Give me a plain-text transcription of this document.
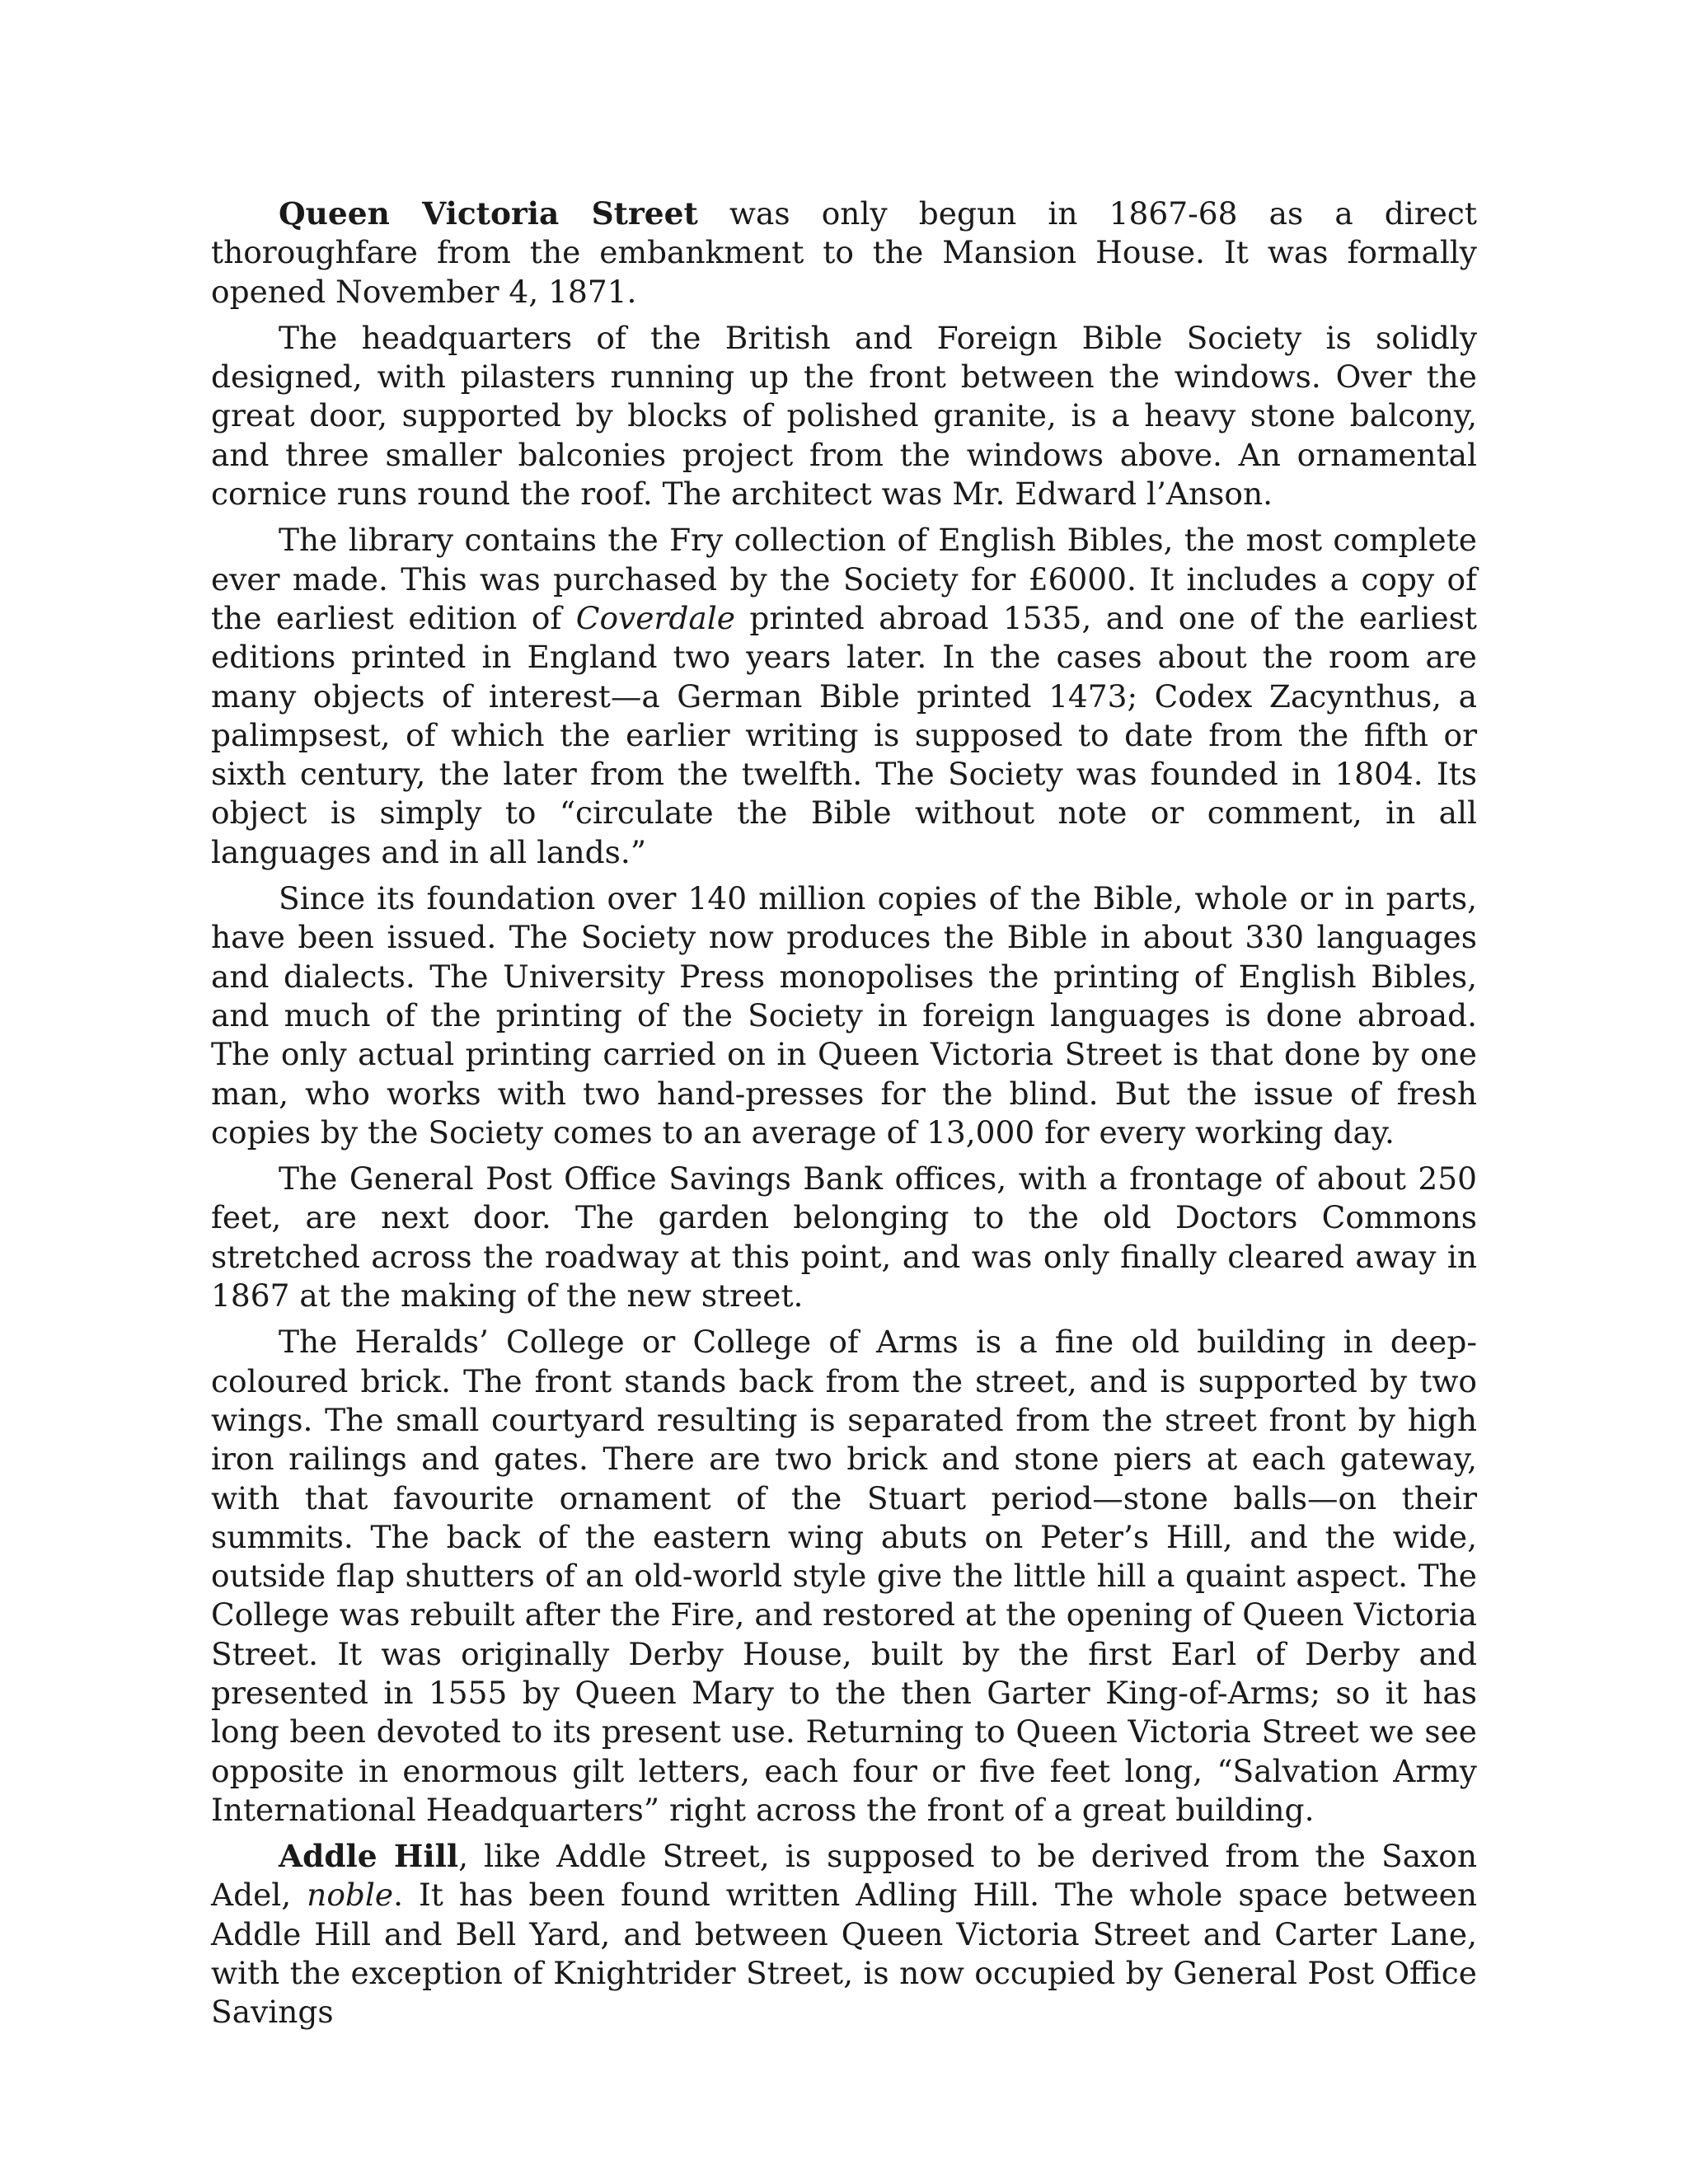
Queen Victoria Street was only begun in 1867-68 as a direct thoroughfare from the embankment to the Mansion House. It was formally opened November 4, 1871.

The headquarters of the British and Foreign Bible Society is solidly designed, with pilasters running up the front between the windows. Over the great door, supported by blocks of polished granite, is a heavy stone balcony, and three smaller balconies project from the windows above. An ornamental cornice runs round the roof. The architect was Mr. Edward l’Anson.

The library contains the Fry collection of English Bibles, the most complete ever made. This was purchased by the Society for £6000. It includes a copy of the earliest edition of Coverdale printed abroad 1535, and one of the earliest editions printed in England two years later. In the cases about the room are many objects of interest—a German Bible printed 1473; Codex Zacynthus, a palimpsest, of which the earlier writing is supposed to date from the fifth or sixth century, the later from the twelfth. The Society was founded in 1804. Its object is simply to “circulate the Bible without note or comment, in all languages and in all lands.”

Since its foundation over 140 million copies of the Bible, whole or in parts, have been issued. The Society now produces the Bible in about 330 languages and dialects. The University Press monopolises the printing of English Bibles, and much of the printing of the Society in foreign languages is done abroad. The only actual printing carried on in Queen Victoria Street is that done by one man, who works with two hand-presses for the blind. But the issue of fresh copies by the Society comes to an average of 13,000 for every working day.

The General Post Office Savings Bank offices, with a frontage of about 250 feet, are next door. The garden belonging to the old Doctors Commons stretched across the roadway at this point, and was only finally cleared away in 1867 at the making of the new street.

The Heralds’ College or College of Arms is a fine old building in deep-coloured brick. The front stands back from the street, and is supported by two wings. The small courtyard resulting is separated from the street front by high iron railings and gates. There are two brick and stone piers at each gateway, with that favourite ornament of the Stuart period—stone balls—on their summits. The back of the eastern wing abuts on Peter’s Hill, and the wide, outside flap shutters of an old-world style give the little hill a quaint aspect. The College was rebuilt after the Fire, and restored at the opening of Queen Victoria Street. It was originally Derby House, built by the first Earl of Derby and presented in 1555 by Queen Mary to the then Garter King-of-Arms; so it has long been devoted to its present use. Returning to Queen Victoria Street we see opposite in enormous gilt letters, each four or five feet long, “Salvation Army International Headquarters” right across the front of a great building.

Addle Hill, like Addle Street, is supposed to be derived from the Saxon Adel, noble. It has been found written Adling Hill. The whole space between Addle Hill and Bell Yard, and between Queen Victoria Street and Carter Lane, with the exception of Knightrider Street, is now occupied by General Post Office Savings
